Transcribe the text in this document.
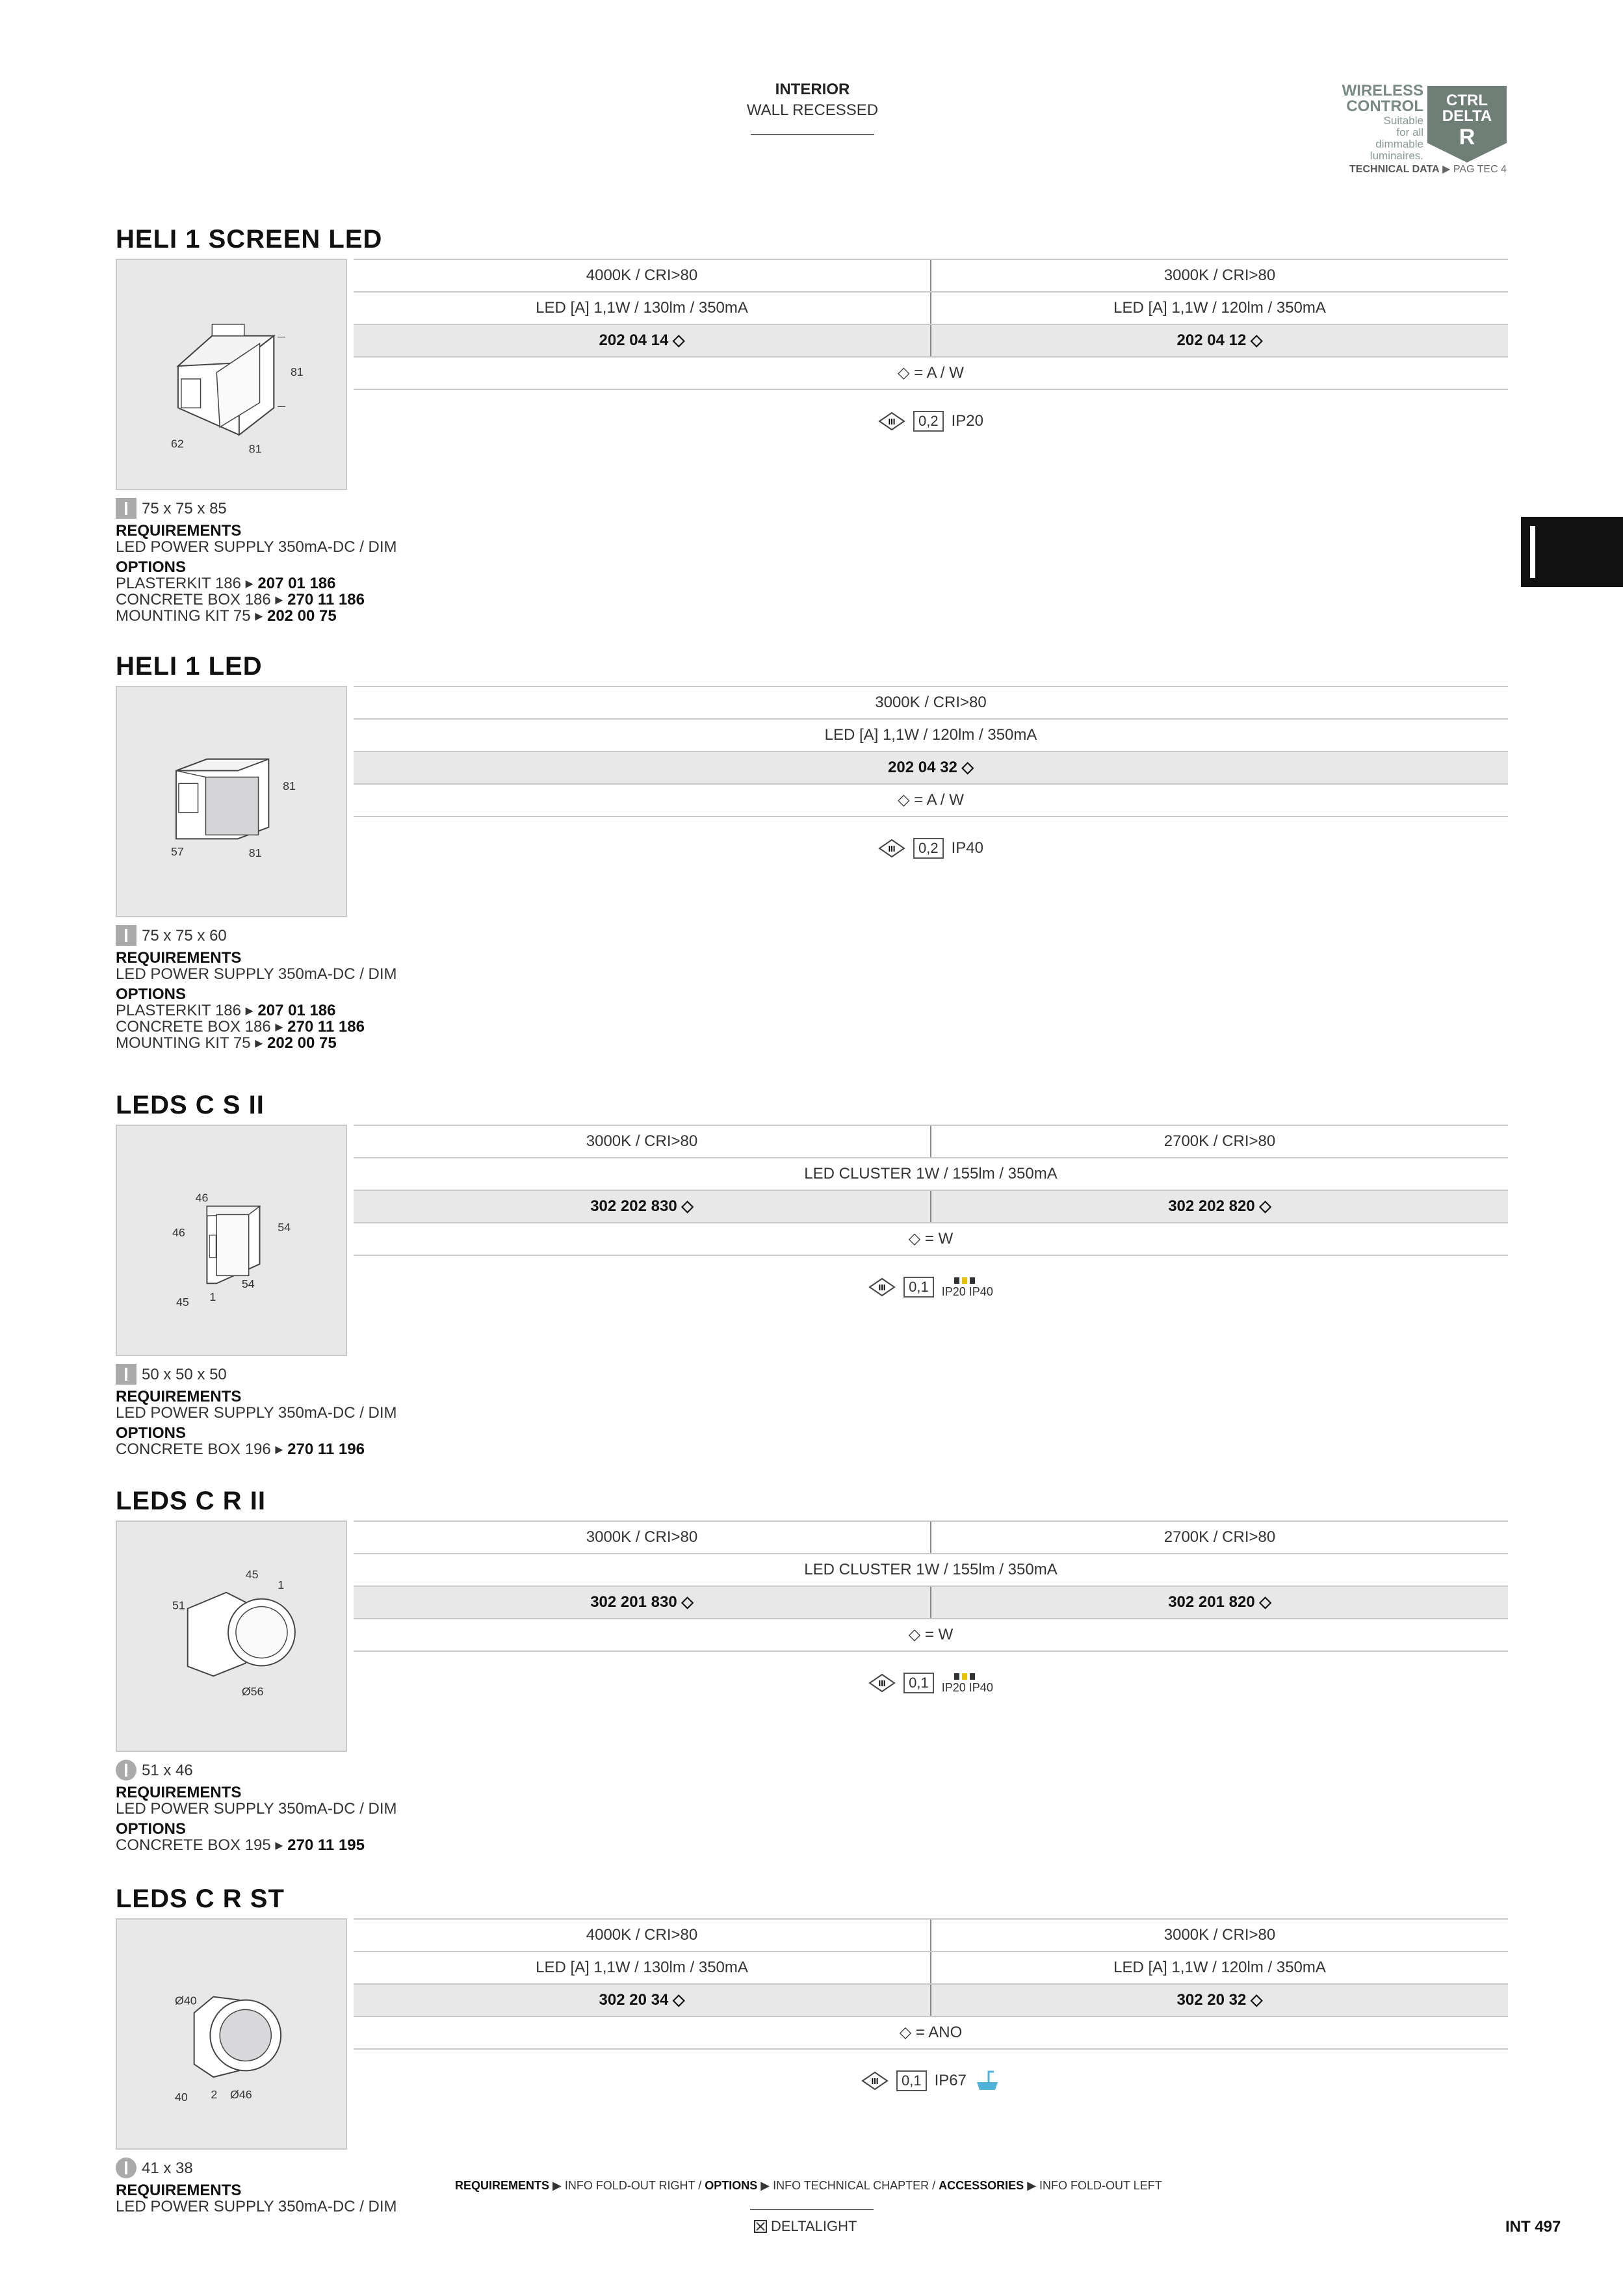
INTERIOR
WALL RECESSED
WIRELESS
CONTROL
Suitable
for all
dimmable
luminaires.
CTRL
DELTA
R
TECHNICAL DATA ▶ PAG TEC 4
HELI 1 SCREEN LED
81
62	81
4000K / CRI>80	3000K / CRI>80
LED [A] 1,1W / 130lm / 350mA	LED [A] 1,1W / 120lm / 350mA
202 04 14 ◇	202 04 12 ◇
◇ = A / W
III	0,2 IP20
75 x 75 x 85
REQUIREMENTS
LED POWER SUPPLY 350mA-DC / DIM
OPTIONS
PLASTERKIT 186 ▸ 207 01 186
CONCRETE BOX 186 ▸ 270 11 186
MOUNTING KIT 75 ▸ 202 00 75
HELI 1 LED
81
57	81
3000K / CRI>80
LED [A] 1,1W / 120lm / 350mA
202 04 32 ◇
◇ = A / W
III	0,2 IP40
75 x 75 x 60
REQUIREMENTS
LED POWER SUPPLY 350mA-DC / DIM
OPTIONS
PLASTERKIT 186 ▸ 207 01 186
CONCRETE BOX 186 ▸ 270 11 186
MOUNTING KIT 75 ▸ 202 00 75
LEDS C S II
46
46	54
45 1
54
3000K / CRI>80	2700K / CRI>80
LED CLUSTER 1W / 155lm / 350mA
302 202 830 ◇	302 202 820 ◇
◇ = W
III	0,1	IP20 IP40
50 x 50 x 50
REQUIREMENTS
LED POWER SUPPLY 350mA-DC / DIM
OPTIONS
CONCRETE BOX 196 ▸ 270 11 196
LEDS C R II
45
1
51
Ø56
3000K / CRI>80	2700K / CRI>80
LED CLUSTER 1W / 155lm / 350mA
302 201 830 ◇	302 201 820 ◇
◇ = W
III	0,1	IP20 IP40
51 x 46
REQUIREMENTS
LED POWER SUPPLY 350mA-DC / DIM
OPTIONS
CONCRETE BOX 195 ▸ 270 11 195
LEDS C R ST
Ø40
40 2 Ø46
4000K / CRI>80	3000K / CRI>80
LED [A] 1,1W / 130lm / 350mA	LED [A] 1,1W / 120lm / 350mA
302 20 34 ◇	302 20 32 ◇
◇ = ANO
III	0,1 IP67
41 x 38
REQUIREMENTS
LED POWER SUPPLY 350mA-DC / DIM
REQUIREMENTS ▶ INFO FOLD-OUT RIGHT / OPTIONS ▶ INFO TECHNICAL CHAPTER / ACCESSORIES ▶ INFO FOLD-OUT LEFT
DELTALIGHT	INT 497
